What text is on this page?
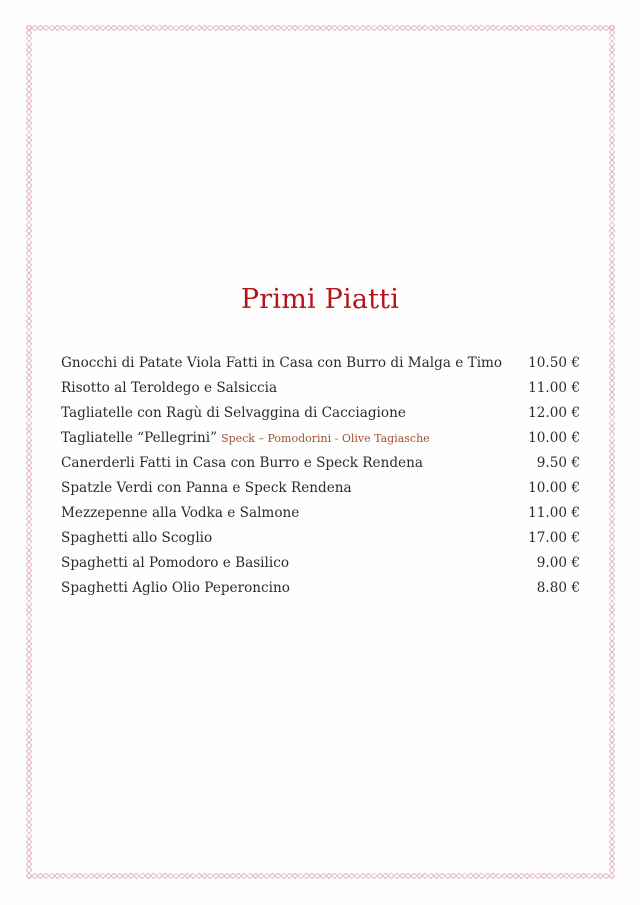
Primi Piatti
Gnocchi di Patate Viola Fatti in Casa con Burro di Malga e Timo 10.50 €
Risotto al Teroldego e Salsiccia	11.00 €
Tagliatelle con Ragù di Selvaggina di Cacciagione	12.00 €
Tagliatelle “Pellegrini” Speck – Pomodorini - Olive Tagiasche	10.00 €
Canerderli Fatti in Casa con Burro e Speck Rendena	9.50 €
Spatzle Verdi con Panna e Speck Rendena	10.00 €
Mezzepenne alla Vodka e Salmone	11.00 €
Spaghetti allo Scoglio	17.00 €
Spaghetti al Pomodoro e Basilico	9.00 €
Spaghetti Aglio Olio Peperoncino	8.80 €
